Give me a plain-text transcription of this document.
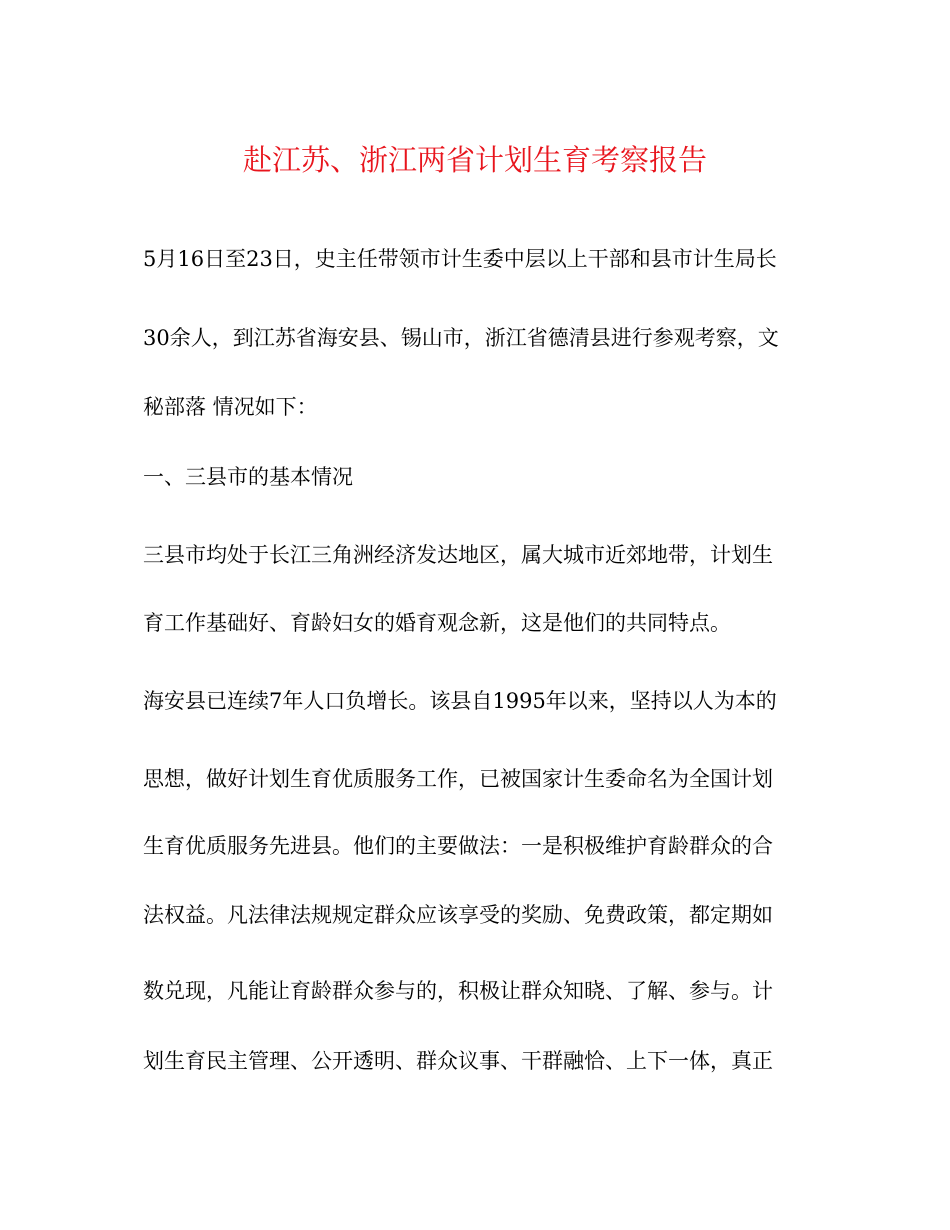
赴江苏、浙江两省计划生育考察报告
5月16日至23日，史主任带领市计生委中层以上干部和县市计生局长
30余人，到江苏省海安县、锡山市，浙江省德清县进行参观考察，文
秘部落 情况如下：
一、三县市的基本情况
三县市均处于长江三角洲经济发达地区，属大城市近郊地带，计划生
育工作基础好、育龄妇女的婚育观念新，这是他们的共同特点。
海安县已连续7年人口负增长。该县自1995年以来，坚持以人为本的
思想，做好计划生育优质服务工作，已被国家计生委命名为全国计划
生育优质服务先进县。他们的主要做法：一是积极维护育龄群众的合
法权益。凡法律法规规定群众应该享受的奖励、免费政策，都定期如
数兑现，凡能让育龄群众参与的，积极让群众知晓、了解、参与。计
划生育民主管理、公开透明、群众议事、干群融恰、上下一体，真正
